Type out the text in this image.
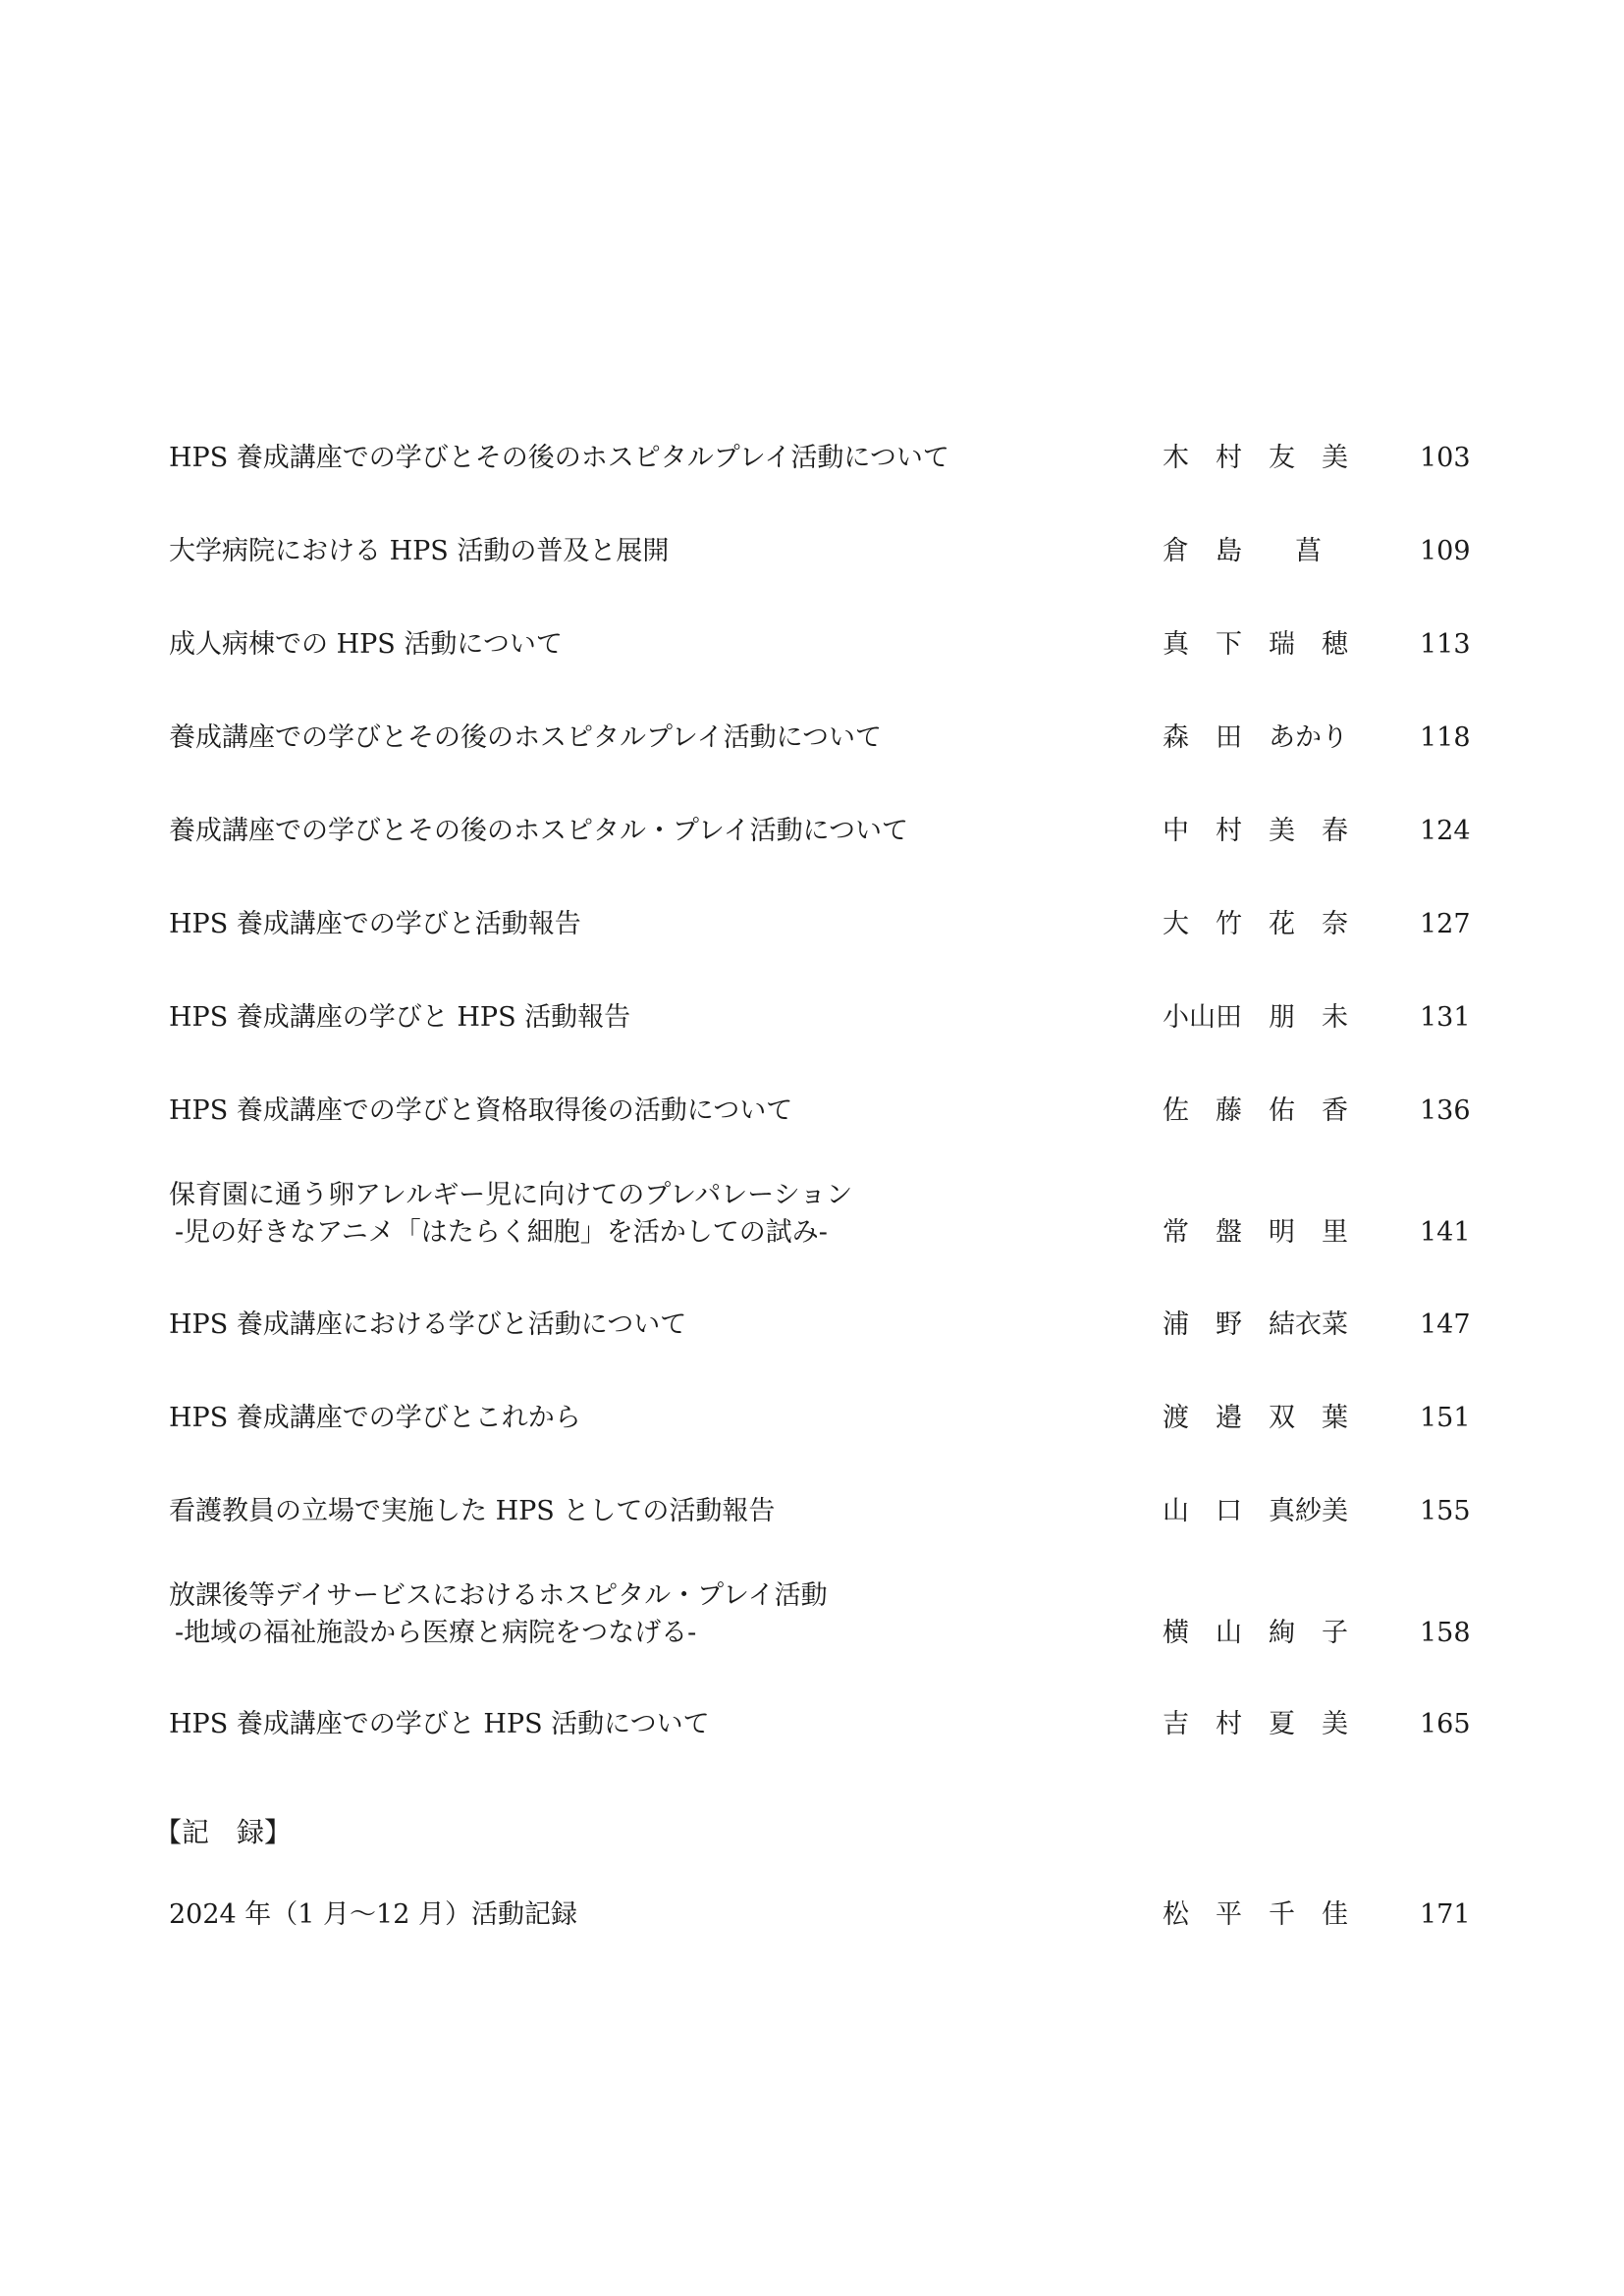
HPS 養成講座での学びとその後のホスピタルプレイ活動について	木　村　友　美	103
大学病院における HPS 活動の普及と展開	倉　島　　菖	109
成人病棟での HPS 活動について	真　下　瑞　穂	113
養成講座での学びとその後のホスピタルプレイ活動について	森　田　あかり	118
養成講座での学びとその後のホスピタル・プレイ活動について	中　村　美　春	124
HPS 養成講座での学びと活動報告	大　竹　花　奈	127
HPS 養成講座の学びと HPS 活動報告	小山田　朋　未	131
HPS 養成講座での学びと資格取得後の活動について	佐　藤　佑　香	136
保育園に通う卵アレルギー児に向けてのプレパレーション
‐児の好きなアニメ「はたらく細胞」を活かしての試み‐	常　盤　明　里	141
HPS 養成講座における学びと活動について	浦　野　結衣菜	147
HPS 養成講座での学びとこれから	渡　邉　双　葉	151
看護教員の立場で実施した HPS としての活動報告	山　口　真紗美	155
放課後等デイサービスにおけるホスピタル・プレイ活動
‐地域の福祉施設から医療と病院をつなげる‐	横　山　絢　子	158
HPS 養成講座での学びと HPS 活動について	吉　村　夏　美	165
【記　録】
2024 年（1 月～12 月）活動記録	松　平　千　佳	171
